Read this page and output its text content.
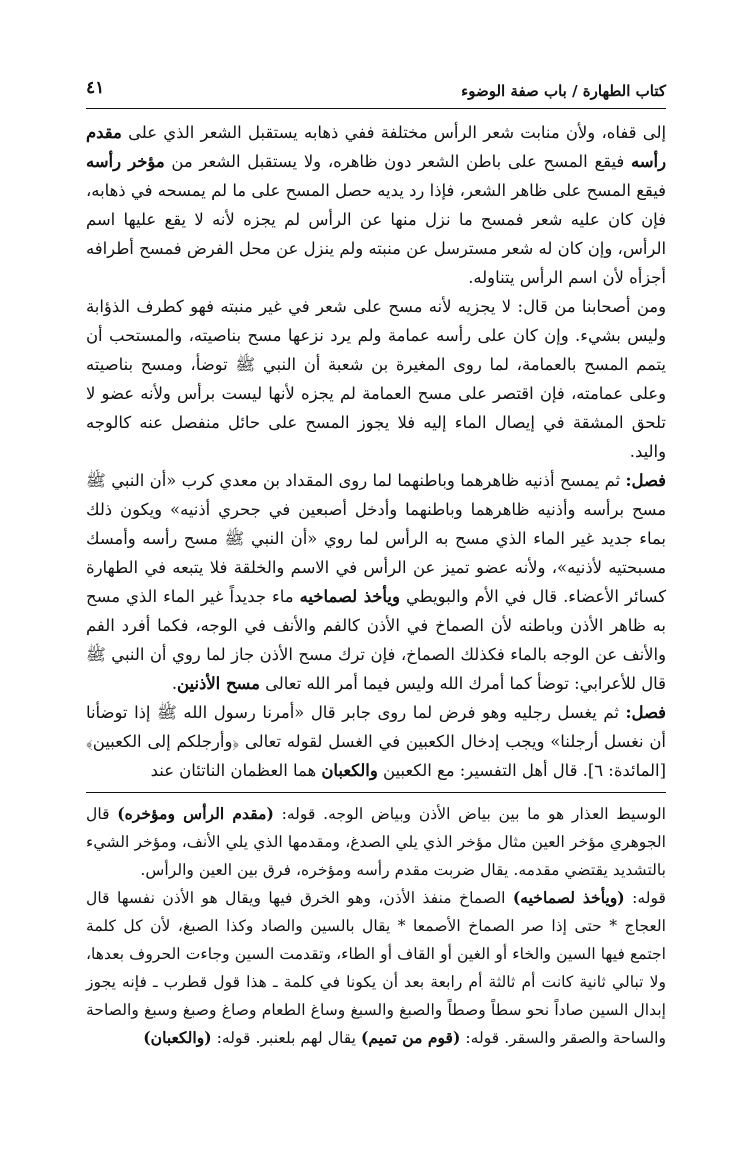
كتاب الطهارة / باب صفة الوضوء
٤١

إلى قفاه، ولأن منابت شعر الرأس مختلفة ففي ذهابه يستقبل الشعر الذي على مقدم رأسه فيقع المسح على باطن الشعر دون ظاهره، ولا يستقبل الشعر من مؤخر رأسه فيقع المسح على ظاهر الشعر، فإذا رد يديه حصل المسح على ما لم يمسحه في ذهابه، فإن كان عليه شعر فمسح ما نزل منها عن الرأس لم يجزه لأنه لا يقع عليها اسم الرأس، وإن كان له شعر مسترسل عن منبته ولم ينزل عن محل الفرض فمسح أطرافه أجزأه لأن اسم الرأس يتناوله.

ومن أصحابنا من قال: لا يجزيه لأنه مسح على شعر في غير منبته فهو كطرف الذؤابة وليس بشيء. وإن كان على رأسه عمامة ولم يرد نزعها مسح بناصيته، والمستحب أن يتمم المسح بالعمامة، لما روى المغيرة بن شعبة أن النبي ﷺ توضأ، ومسح بناصيته وعلى عمامته، فإن اقتصر على مسح العمامة لم يجزه لأنها ليست برأس ولأنه عضو لا تلحق المشقة في إيصال الماء إليه فلا يجوز المسح على حائل منفصل عنه كالوجه واليد.

فصل: ثم يمسح أذنيه ظاهرهما وباطنهما لما روى المقداد بن معدي كرب «أن النبي ﷺ مسح برأسه وأذنيه ظاهرهما وباطنهما وأدخل أصبعين في جحري أذنيه» ويكون ذلك بماء جديد غير الماء الذي مسح به الرأس لما روي «أن النبي ﷺ مسح رأسه وأمسك مسبحتيه لأذنيه»، ولأنه عضو تميز عن الرأس في الاسم والخلقة فلا يتبعه في الطهارة كسائر الأعضاء. قال في الأم والبويطي ويأخذ لصماخيه ماء جديداً غير الماء الذي مسح به ظاهر الأذن وباطنه لأن الصماخ في الأذن كالفم والأنف في الوجه، فكما أفرد الفم والأنف عن الوجه بالماء فكذلك الصماخ، فإن ترك مسح الأذن جاز لما روي أن النبي ﷺ قال للأعرابي: توضأ كما أمرك الله وليس فيما أمر الله تعالى مسح الأذنين.

فصل: ثم يغسل رجليه وهو فرض لما روى جابر قال «أمرنا رسول الله ﷺ إذا توضأنا أن نغسل أرجلنا» ويجب إدخال الكعبين في الغسل لقوله تعالى ﴿وأرجلكم إلى الكعبين﴾ [المائدة: ٦]. قال أهل التفسير: مع الكعبين والكعبان هما العظمان الناتئان عند

الوسيط العذار هو ما بين بياض الأذن وبياض الوجه. قوله: (مقدم الرأس ومؤخره) قال الجوهري مؤخر العين مثال مؤخر الذي يلي الصدغ، ومقدمها الذي يلي الأنف، ومؤخر الشيء بالتشديد يقتضي مقدمه. يقال ضربت مقدم رأسه ومؤخره، فرق بين العين والرأس.

قوله: (ويأخذ لصماخيه) الصماخ منفذ الأذن، وهو الخرق فيها ويقال هو الأذن نفسها قال العجاج * حتى إذا صر الصماخ الأصمعا * يقال بالسين والصاد وكذا الصبغ، لأن كل كلمة اجتمع فيها السين والخاء أو الغين أو القاف أو الطاء، وتقدمت السين وجاءت الحروف بعدها، ولا تبالي ثانية كانت أم ثالثة أم رابعة بعد أن يكونا في كلمة ـ هذا قول قطرب ـ فإنه يجوز إبدال السين صاداً نحو سطاً وصطاً والصبغ والسبغ وساغ الطعام وصاغ وصبغ وسبغ والصاحة والساحة والصقر والسقر. قوله: (قوم من تميم) يقال لهم بلعنبر. قوله: (والكعبان)
